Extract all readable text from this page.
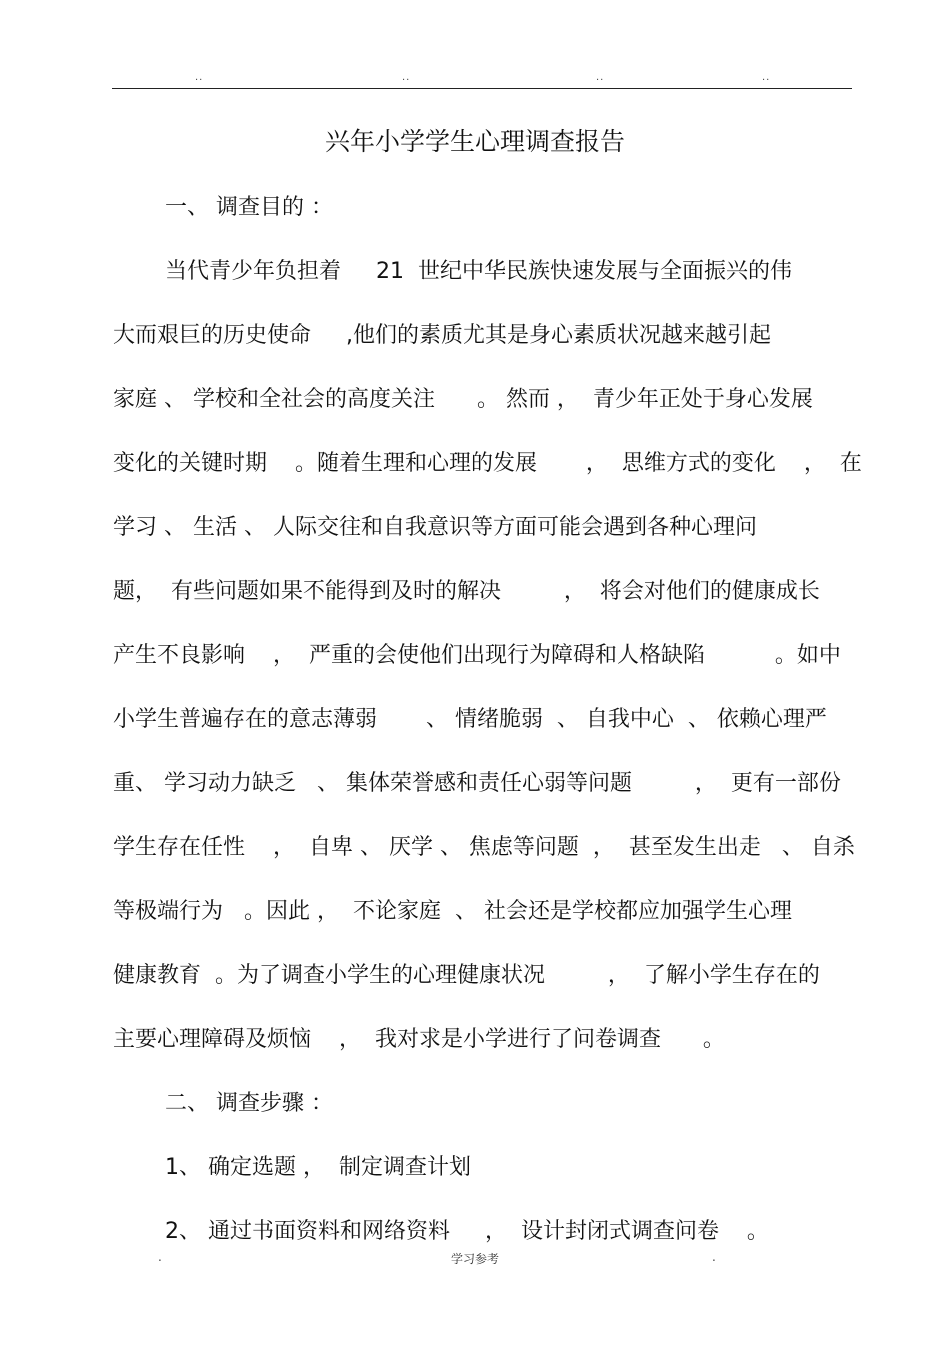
..	..	..	..
兴年小学学生心理调查报告
一、 调查目的 ：
当代青少年负担着     21  世纪中华民族快速发展与全面振兴的伟
大而艰巨的历史使命     ,他们的素质尤其是身心素质状况越来越引起
家庭 、 学校和全社会的高度关注      。 然而 ，  青少年正处于身心发展
变化的关键时期    。随着生理和心理的发展       ，  思维方式的变化    ，  在
学习 、 生活 、 人际交往和自我意识等方面可能会遇到各种心理问
题，  有些问题如果不能得到及时的解决         ，  将会对他们的健康成长
产生不良影响    ，  严重的会使他们出现行为障碍和人格缺陷          。如中
小学生普遍存在的意志薄弱       、 情绪脆弱  、 自我中心  、 依赖心理严
重、 学习动力缺乏   、 集体荣誉感和责任心弱等问题         ，  更有一部份
学生存在任性    ，  自卑 、 厌学 、 焦虑等问题  ，  甚至发生出走   、 自杀
等极端行为   。因此 ，  不论家庭  、 社会还是学校都应加强学生心理
健康教育  。为了调查小学生的心理健康状况         ，  了解小学生存在的
主要心理障碍及烦恼    ，  我对求是小学进行了问卷调查      。
二、 调查步骤 ：
1、 确定选题 ，  制定调查计划
2、 通过书面资料和网络资料     ，  设计封闭式调查问卷    。
.	学习参考	.
